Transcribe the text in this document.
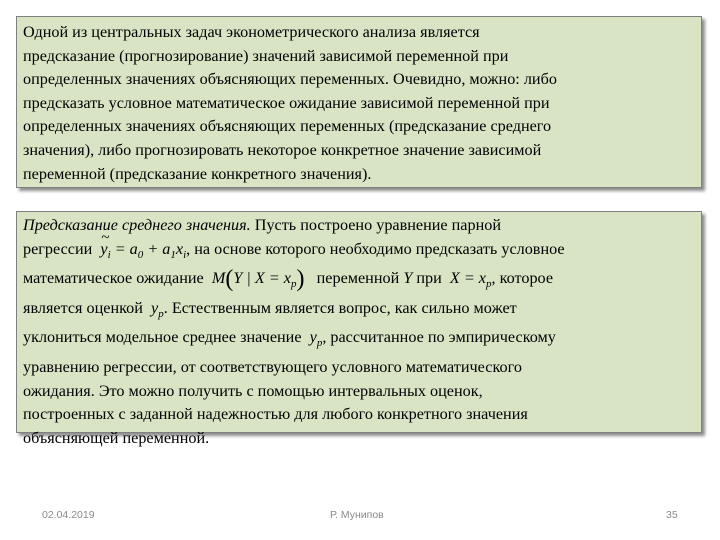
Одной из центральных задач эконометрического анализа является
предсказание (прогнозирование) значений зависимой переменной при
определенных значениях объясняющих переменных. Очевидно, можно: либо
предсказать условное математическое ожидание зависимой переменной при
определенных значениях объясняющих переменных (предсказание среднего
значения), либо прогнозировать некоторое конкретное значение зависимой
переменной (предсказание конкретного значения).
Предсказание среднего значения. Пусть построено уравнение парной
регрессии  ~ $y_i = a_0 + a_1x_i$, на основе которого необходимо предсказать условное
математическое ожидание M(Y | $X = x_p$)   переменной Y при $X = x_p$, которое
является оценкой $y_p$. Естественным является вопрос, как сильно может
уклониться модельное среднее значение $y_p$, рассчитанное по эмпирическому
уравнению регрессии, от соответствующего условного математического
ожидания. Это можно получить с помощью интервальных оценок,
построенных с заданной надежностью для любого конкретного значения
объясняющей переменной.
02.04.2019	Р. Мунипов	35
